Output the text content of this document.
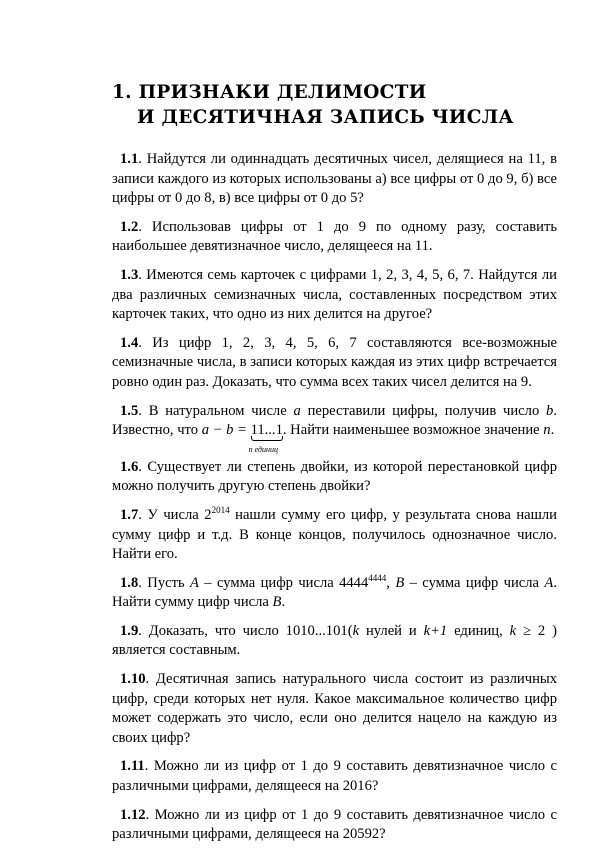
1. ПРИЗНАКИ ДЕЛИМОСТИ
И ДЕСЯТИЧНАЯ ЗАПИСЬ ЧИСЛА
1.1. Найдутся ли одиннадцать десятичных чисел, делящиеся на 11, в записи каждого из которых использованы а) все цифры от 0 до 9, б) все цифры от 0 до 8, в) все цифры от 0 до 5?
1.2. Использовав цифры от 1 до 9 по одному разу, составить наибольшее девятизначное число, делящееся на 11.
1.3. Имеются семь карточек с цифрами 1, 2, 3, 4, 5, 6, 7. Найдутся ли два различных семизначных числа, составленных посредством этих карточек таких, что одно из них делится на другое?
1.4. Из цифр 1, 2, 3, 4, 5, 6, 7 составляются все-возможные семизначные числа, в записи которых каждая из этих цифр встречается ровно один раз. Доказать, что сумма всех таких чисел делится на 9.
1.5. В натуральном числе a переставили цифры, получив число b. Известно, что a − b = 11...1
n единиц
. Найти наименьшее возможное значение n.
1.6. Существует ли степень двойки, из которой перестановкой цифр можно получить другую степень двойки?
1.7. У числа $2^{2014}$ нашли сумму его цифр, у результата снова нашли сумму цифр и т.д. В конце концов, получилось однозначное число. Найти его.
1.8. Пусть A – сумма цифр числа $4444^{4444}$, B – сумма цифр числа A. Найти сумму цифр числа B.
1.9. Доказать, что число 1010...101(k нулей и k+1 единиц, k ≥ 2 ) является составным.
1.10. Десятичная запись натурального числа состоит из различных цифр, среди которых нет нуля. Какое максимальное количество цифр может содержать это число, если оно делится нацело на каждую из своих цифр?
1.11. Можно ли из цифр от 1 до 9 составить девятизначное число с различными цифрами, делящееся на 2016?
1.12. Можно ли из цифр от 1 до 9 составить девятизначное число с различными цифрами, делящееся на 20592?
